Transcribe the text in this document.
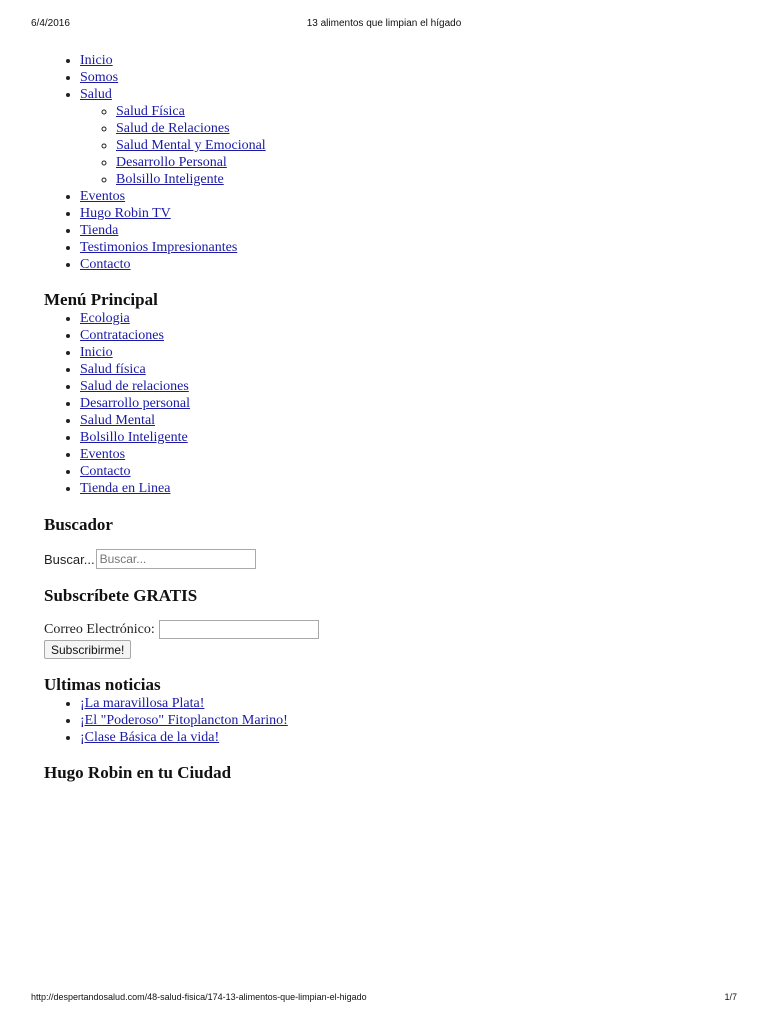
6/4/2016	13 alimentos que limpian el hígado
• Inicio
• Somos
• Salud
◦ Salud Física
◦ Salud de Relaciones
◦ Salud Mental y Emocional
◦ Desarrollo Personal
◦ Bolsillo Inteligente
• Eventos
• Hugo Robin TV
• Tienda
• Testimonios Impresionantes
• Contacto
Menú Principal
• Ecologia
• Contrataciones
• Inicio
• Salud física
• Salud de relaciones
• Desarrollo personal
• Salud Mental
• Bolsillo Inteligente
• Eventos
• Contacto
• Tienda en Linea
Buscador
Buscar...
Buscar...
Subscríbete GRATIS
Correo Electrónico:
Subscribirme!
Ultimas noticias
• ¡La maravillosa Plata!
• ¡El "Poderoso" Fitoplancton Marino!
• ¡Clase Básica de la vida!
Hugo Robin en tu Ciudad
http://despertandosalud.com/48-salud-fisica/174-13-alimentos-que-limpian-el-higado	1/7
